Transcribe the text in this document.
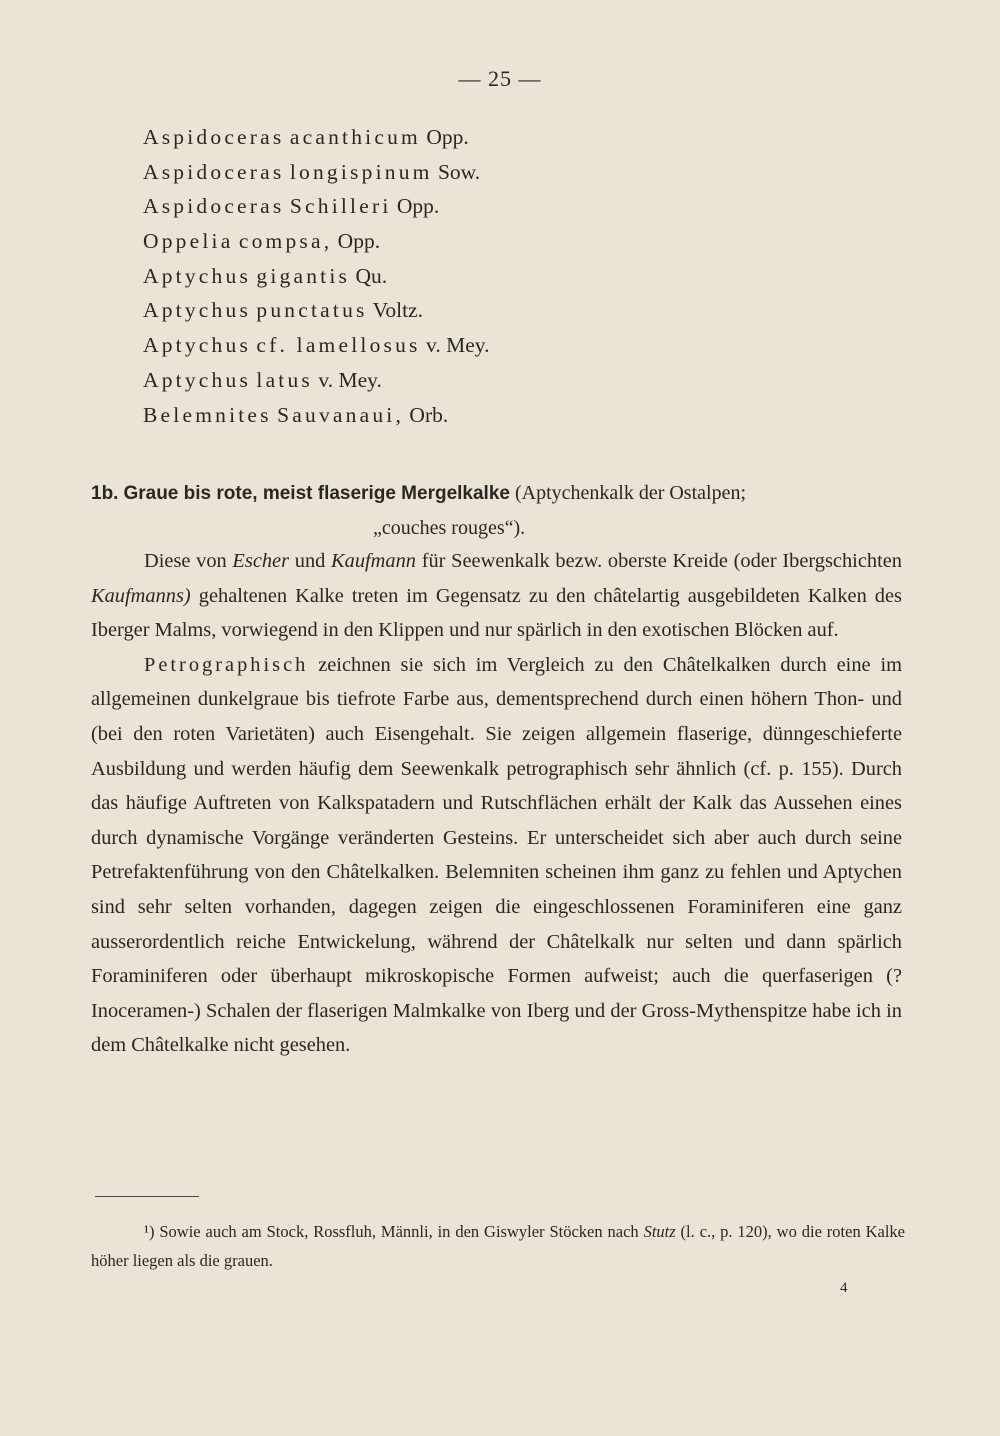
— 25 —
Aspidoceras acanthicum Opp.
Aspidoceras longispinum Sow.
Aspidoceras Schilleri Opp.
Oppelia compsa, Opp.
Aptychus gigantis Qu.
Aptychus punctatus Voltz.
Aptychus cf. lamellosus v. Mey.
Aptychus latus v. Mey.
Belemnites Sauvanaui, Orb.
1b. Graue bis rote, meist flaserige Mergelkalke (Aptychenkalk der Ostalpen;
„couches rouges“).

Diese von Escher und Kaufmann für Seewenkalk bezw. oberste Kreide (oder Ibergschichten Kaufmanns) gehaltenen Kalke treten im Gegensatz zu den châtelartig ausgebildeten Kalken des Iberger Malms, vorwiegend in den Klippen und nur spärlich in den exotischen Blöcken auf.

Petrographisch zeichnen sie sich im Vergleich zu den Châtelkalken durch eine im allgemeinen dunkelgraue bis tiefrote Farbe aus, dementsprechend durch einen höhern Thon- und (bei den roten Varietäten) auch Eisengehalt. Sie zeigen allgemein flaserige, dünngeschieferte Ausbildung und werden häufig dem Seewenkalk petrographisch sehr ähnlich (cf. p. 155). Durch das häufige Auftreten von Kalkspatadern und Rutschflächen erhält der Kalk das Aussehen eines durch dynamische Vorgänge veränderten Gesteins. Er unterscheidet sich aber auch durch seine Petrefaktenführung von den Châtelkalken. Belemniten scheinen ihm ganz zu fehlen und Aptychen sind sehr selten vorhanden, dagegen zeigen die eingeschlossenen Foraminiferen eine ganz ausserordentlich reiche Entwickelung, während der Châtelkalk nur selten und dann spärlich Foraminiferen oder überhaupt mikroskopische Formen aufweist; auch die querfaserigen (? Inoceramen-) Schalen der flaserigen Malmkalke von Iberg und der Gross-Mythenspitze habe ich in dem Châtelkalke nicht gesehen.

¹) Sowie auch am Stock, Rossfluh, Männli, in den Giswyler Stöcken nach Stutz (l. c., p. 120), wo die roten Kalke höher liegen als die grauen.
4
